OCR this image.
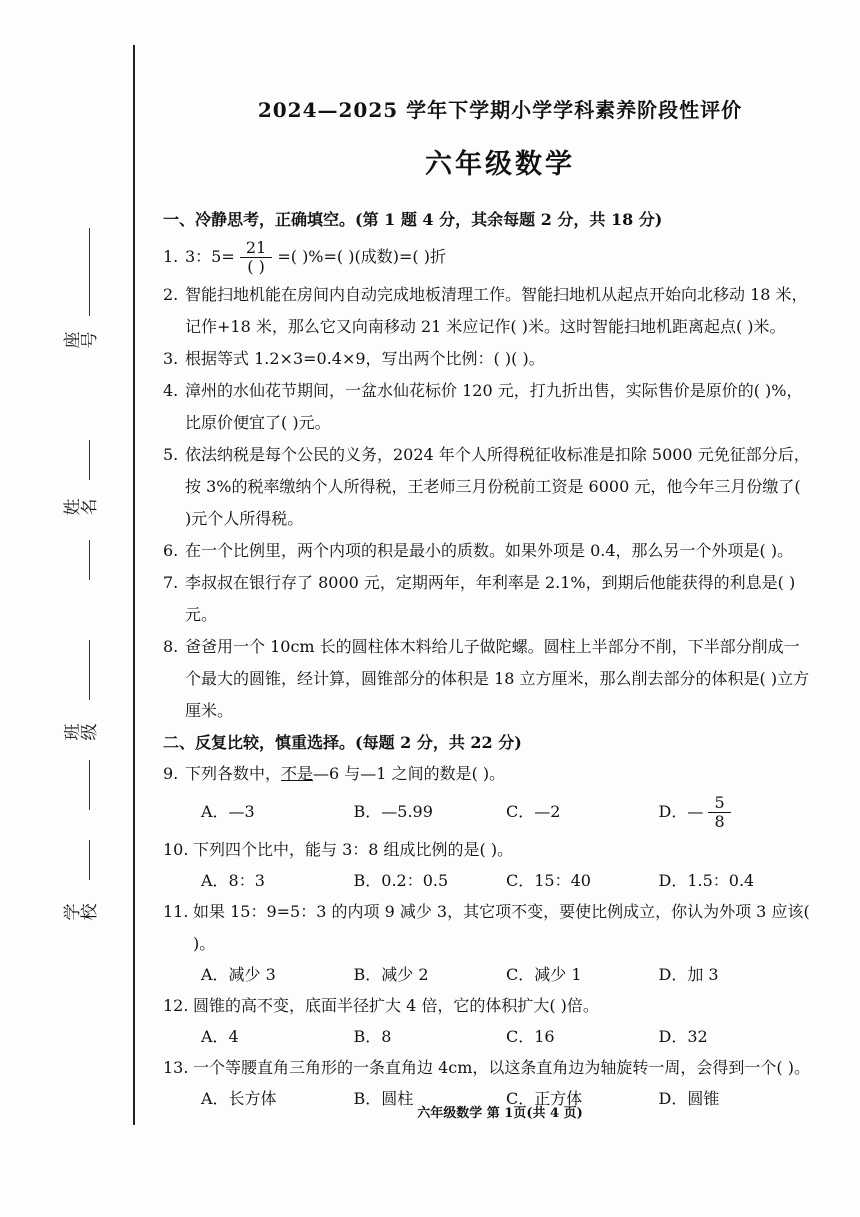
座 号
姓 名
班 级
学 校
2024—2025 学年下学期小学学科素养阶段性评价
六年级数学
一、冷静思考，正确填空。(第 1 题 4 分，其余每题 2 分，共 18 分)
1. 3：$5= \frac{21}{( )}$ =( )%=( )(成数)=( )折
2. 智能扫地机能在房间内自动完成地板清理工作。智能扫地机从起点开始向北移动 18 米，记作+18 米，那么它又向南移动 21 米应记作( )米。这时智能扫地机距离起点( )米。
3. 根据等式 1.2×3=0.4×9，写出两个比例：( )( )。
4. 漳州的水仙花节期间，一盆水仙花标价 120 元，打九折出售，实际售价是原价的( )%，比原价便宜了( )元。
5. 依法纳税是每个公民的义务，2024 年个人所得税征收标准是扣除 5000 元免征部分后，按 3%的税率缴纳个人所得税，王老师三月份税前工资是 6000 元，他今年三月份缴了( )元个人所得税。
6. 在一个比例里，两个内项的积是最小的质数。如果外项是 0.4，那么另一个外项是( )。
7. 李叔叔在银行存了 8000 元，定期两年，年利率是 2.1%，到期后他能获得的利息是( )元。
8. 爸爸用一个 10cm 长的圆柱体木料给儿子做陀螺。圆柱上半部分不削，下半部分削成一个最大的圆锥，经计算，圆锥部分的体积是 18 立方厘米，那么削去部分的体积是( )立方厘米。
二、反复比较，慎重选择。(每题 2 分，共 22 分)
9. 下列各数中，不是—6 与—1 之间的数是( )。
A．—3	B．—5.99	C．—2	D．— $\frac{5}{8}$
10. 下列四个比中，能与 3：8 组成比例的是( )。
A．8：3	B．0.2：0.5	C．15：40	D．1.5：0.4
11. 如果 15：9=5：3 的内项 9 减少 3，其它项不变，要使比例成立，你认为外项 3 应该( )。
A．减少 3	B．减少 2	C．减少 1	D．加 3
12. 圆锥的高不变，底面半径扩大 4 倍，它的体积扩大( )倍。
A．4	B．8	C．16	D．32
13. 一个等腰直角三角形的一条直角边 4cm，以这条直角边为轴旋转一周，会得到一个( )。
A．长方体	B．圆柱	C．正方体	D．圆锥
六年级数学 第 1页(共 4 页)
